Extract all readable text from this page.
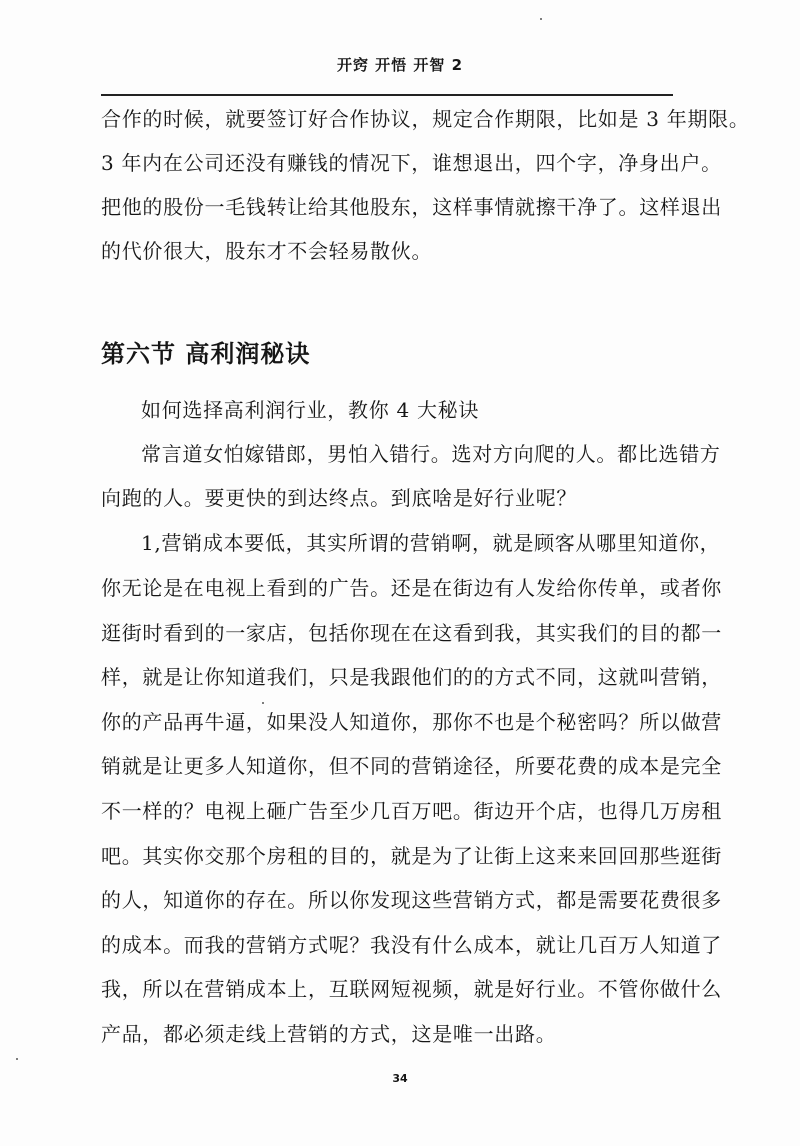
开窍 开悟 开智 2
合作的时候，就要签订好合作协议，规定合作期限，比如是 3 年期限。
3 年内在公司还没有赚钱的情况下，谁想退出，四个字，净身出户。
把他的股份一毛钱转让给其他股东，这样事情就擦干净了。这样退出
的代价很大，股东才不会轻易散伙。
第六节 高利润秘诀
如何选择高利润行业，教你 4 大秘诀
常言道女怕嫁错郎，男怕入错行。选对方向爬的人。都比选错方
向跑的人。要更快的到达终点。到底啥是好行业呢？
1,营销成本要低，其实所谓的营销啊，就是顾客从哪里知道你，
你无论是在电视上看到的广告。还是在街边有人发给你传单，或者你
逛街时看到的一家店，包括你现在在这看到我，其实我们的目的都一
样，就是让你知道我们，只是我跟他们的的方式不同，这就叫营销，
你的产品再牛逼，如果没人知道你，那你不也是个秘密吗？所以做营
销就是让更多人知道你，但不同的营销途径，所要花费的成本是完全
不一样的？电视上砸广告至少几百万吧。街边开个店，也得几万房租
吧。其实你交那个房租的目的，就是为了让街上这来来回回那些逛街
的人，知道你的存在。所以你发现这些营销方式，都是需要花费很多
的成本。而我的营销方式呢？我没有什么成本，就让几百万人知道了
我，所以在营销成本上，互联网短视频，就是好行业。不管你做什么
产品，都必须走线上营销的方式，这是唯一出路。
34
